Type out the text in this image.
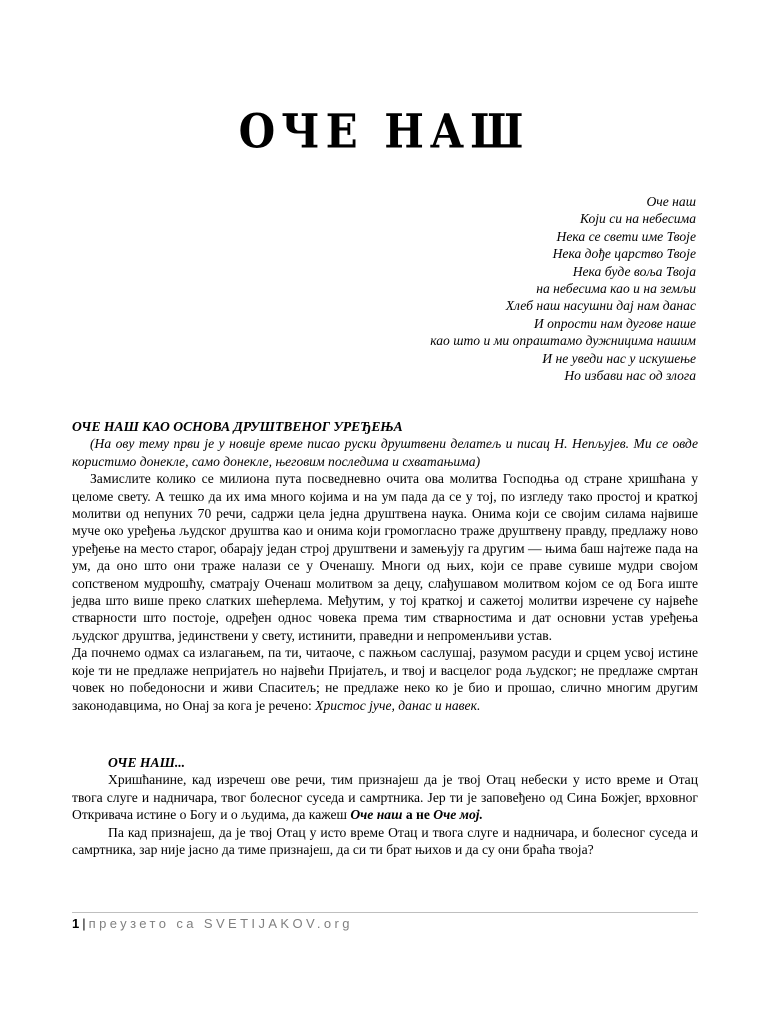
ОЧЕ НАШ
Оче наш
Који си на небесима
Нека се свети име Твоје
Нека дође царство Твоје
Нека буде воља Твоја
на небесима као и на земљи
Хлеб наш насушни дај нам данас
И опрости нам дугове наше
као што и ми опраштамо дужницима нашим
И не уведи нас у искушење
Но избави нас од злога

ОЧЕ НАШ КАО ОСНОВА ДРУШТВЕНОГ УРЕЂЕЊА

(На ову тему први је у новије време писао руски друштвени делатељ и писац Н. Непљујев. Ми се овде користимо донекле, само донекле, његовим последима и схватањима)

Замислите колико се милиона пута посведневно очита ова молитва Господња од стране хришћана у целоме свету. А тешко да их има много којима и на ум пада да се у тој, по изгледу тако простој и краткој молитви од непуних 70 речи, садржи цела једна друштвена наука. Онима који се својим силама највише муче око уређења људског друштва као и онима који громогласно траже друштвену правду, предлажу ново уређење на место старог, обарају један строј друштвени и замењују га другим — њима баш најтеже пада на ум, да оно што они траже налази се у Оченашу. Многи од њих, који се праве сувише мудри својом сопственом мудрошћу, сматрају Оченаш молитвом за децу, слађушавом молитвом којом се од Бога иште једва што више преко слатких шећерлема. Међутим, у тој краткој и сажетој молитви изречене су највеће стварности што постоје, одређен однос човека према тим стварностима и дат основни устав уређења људског друштва, јединствени у свету, истинити, праведни и непроменљиви устав.

Да почнемо одмах са излагањем, па ти, читаоче, с пажњом саслушај, разумом расуди и срцем усвој истине које ти не предлаже непријатељ но највећи Пријатељ, и твој и васцелог рода људског; не предлаже смртан човек но победоносни и живи Спаситељ; не предлаже неко ко је био и прошао, слично многим другим законодавцима, но Онај за кога је речено: Христос јуче, данас и навек.

ОЧЕ НАШ...

Хришћанине, кад изречеш ове речи, тим признајеш да је твој Отац небески у исто време и Отац твога слуге и надничара, твог болесног суседа и самртника. Јер ти је заповеђено од Сина Божјег, врховног Откривача истине о Богу и о људима, да кажеш Оче наш а не Оче мој.

Па кад признајеш, да је твој Отац у исто време Отац и твога слуге и надничара, и болесног суседа и самртника, зар није јасно да тиме признајеш, да си ти брат њихов и да су они браћа твоја?

1 | преузето са SVETIJAKOV.org
